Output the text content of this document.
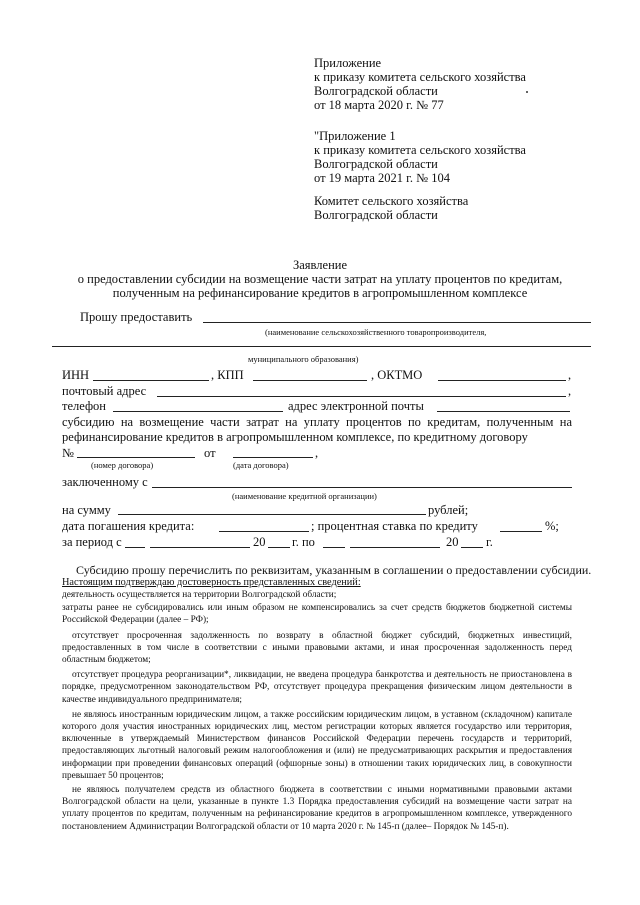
Приложение
к приказу комитета сельского хозяйства
Волгоградской области
от 18 марта 2020 г. № 77
"Приложение 1
к приказу комитета сельского хозяйства
Волгоградской области
от 19 марта 2021 г. № 104
Комитет сельского хозяйства
Волгоградской области
Заявление
о предоставлении субсидии на возмещение части затрат на уплату процентов по кредитам,
полученным на рефинансирование кредитов в агропромышленном комплексе
Прошу предоставить
(наименование сельскохозяйственного товаропроизводителя,
муниципального образования)
ИНН	, КПП	, ОКТМО	,
почтовый адрес	,
телефон	адрес электронной почты
субсидию на возмещение части затрат на уплату процентов по кредитам, полученным на
рефинансирование кредитов в агропромышленном комплексе, по кредитному договору
№	от	,
(номер договора)	(дата договора)
заключенному с
(наименование кредитной организации)
на сумму	рублей;
дата погашения кредита:	; процентная ставка по кредиту	%;
за период с	20 г. по	20 г.
Субсидию прошу перечислить по реквизитам, указанным в соглашении о предоставлении субсидии.
Настоящим подтверждаю достоверность представленных сведений:
деятельность осуществляется на территории Волгоградской области;
затраты ранее не субсидировались или иным образом не компенсировались за счет средств бюджетов бюджетной системы Российской Федерации (далее – РФ);
отсутствует просроченная задолженность по возврату в областной бюджет субсидий, бюджетных инвестиций, предоставленных в том числе в соответствии с иными правовыми актами, и иная просроченная задолженность перед областным бюджетом;
отсутствует процедура реорганизации*, ликвидации, не введена процедура банкротства и деятельность не приостановлена в порядке, предусмотренном законодательством РФ, отсутствует процедура прекращения физическим лицом деятельности в качестве индивидуального предпринимателя;
не являюсь иностранным юридическим лицом, а также российским юридическим лицом, в уставном (складочном) капитале которого доля участия иностранных юридических лиц, местом регистрации которых является государство или территория, включенные в утверждаемый Министерством финансов Российской Федерации перечень государств и территорий, предоставляющих льготный налоговый режим налогообложения и (или) не предусматривающих раскрытия и предоставления информации при проведении финансовых операций (офшорные зоны) в отношении таких юридических лиц, в совокупности превышает 50 процентов;
не являюсь получателем средств из областного бюджета в соответствии с иными нормативными правовыми актами Волгоградской области на цели, указанные в пункте 1.3 Порядка предоставления субсидий на возмещение части затрат на уплату процентов по кредитам, полученным на рефинансирование кредитов в агропромышленном комплексе, утвержденного постановлением Администрации Волгоградской области от 10 марта 2020 г. № 145-п (далее– Порядок № 145-п).
